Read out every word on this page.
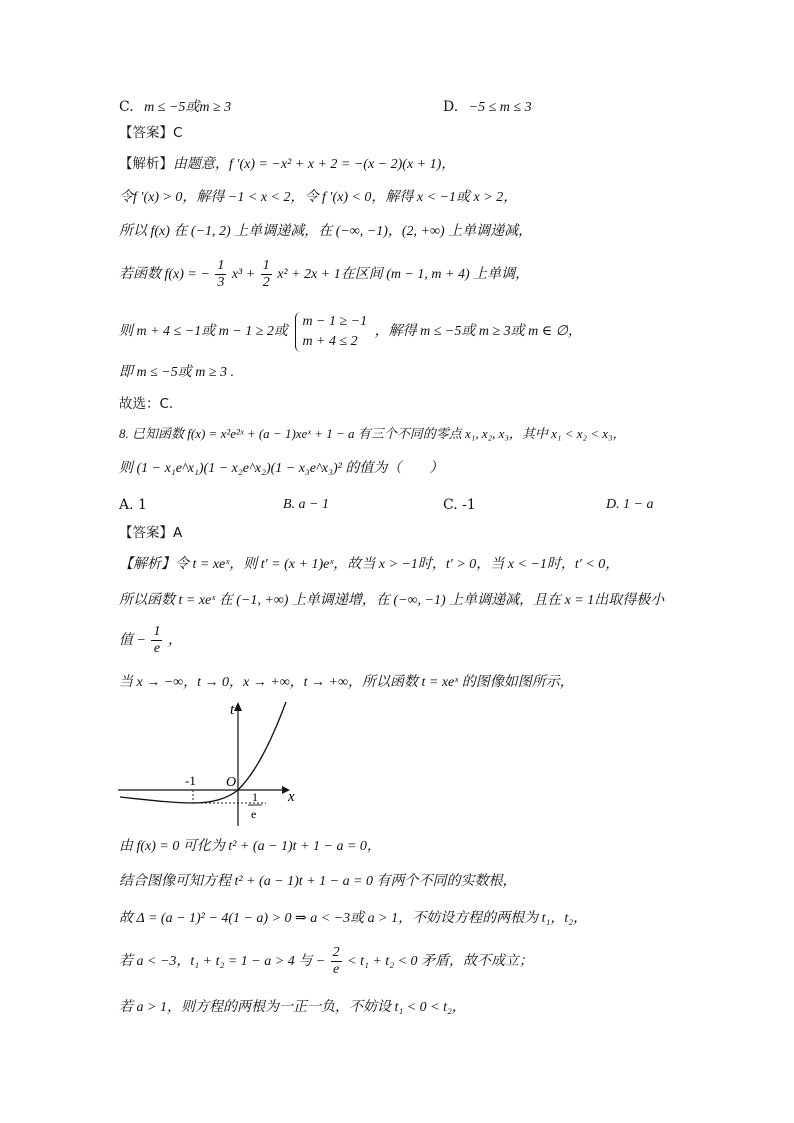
C. m ≤ −5或m ≥ 3	D. −5 ≤ m ≤ 3
【答案】C
【解析】由题意，f ′(x) = −x² + x + 2 = −(x − 2)(x + 1)，
令f ′(x) > 0，解得 −1 < x < 2，令 f ′(x) < 0，解得 x < −1或 x > 2，
所以 f(x) 在 (−1, 2) 上单调递减，在 (−∞, −1)，(2, +∞) 上单调递减，
若函数 f(x) = − $\frac{1}{3} x^3 + \frac{1}{2} x^2 + 2x + 1$在区间 (m − 1, m + 4) 上单调，
则 m + 4 ≤ −1或 m − 1 ≥ 2或
m − 1 ≥ −1
m + 4 ≤ 2
，解得 m ≤ −5或 m ≥ 3或 m ∈ ∅，
即 m ≤ −5或 m ≥ 3 .
故选：C.
8. 已知函数 f(x) = x²e²ˣ + (a − 1)xeˣ + 1 − a 有三个不同的零点 x₁, x₂, x₃，其中 x₁ < x₂ < x₃，
则 (1 − x₁e^x₁)(1 − x₂e^x₂)(1 − x₃e^x₃)² 的值为（　　）
A. 1	B. a − 1	C. -1	D. 1 − a
【答案】A
【解析】令 t = xeˣ，则 t′ = (x + 1)eˣ，故当 x > −1时，t′ > 0，当 x < −1时，t′ < 0，
所以函数 t = xeˣ 在 (−1, +∞) 上单调递增，在 (−∞, −1) 上单调递减，且在 x = 1出取得极小
值 − $\frac{1}{e}$ ，
当 x → −∞，t → 0，x → +∞，t → +∞，所以函数 t = xeˣ 的图像如图所示，
t
x
O
-1
1
e
由 f(x) = 0 可化为 t² + (a − 1)t + 1 − a = 0，
结合图像可知方程 t² + (a − 1)t + 1 − a = 0 有两个不同的实数根，
故 Δ = (a − 1)² − 4(1 − a) > 0 ⇒ a < −3或 a > 1，不妨设方程的两根为 t₁，t₂，
若 a < −3，t₁ + t₂ = 1 − a > 4 与 − $\frac{2}{e} < t_1 + t_2 < 0$ 矛盾，故不成立；
若 a > 1，则方程的两根为一正一负，不妨设 t₁ < 0 < t₂，
